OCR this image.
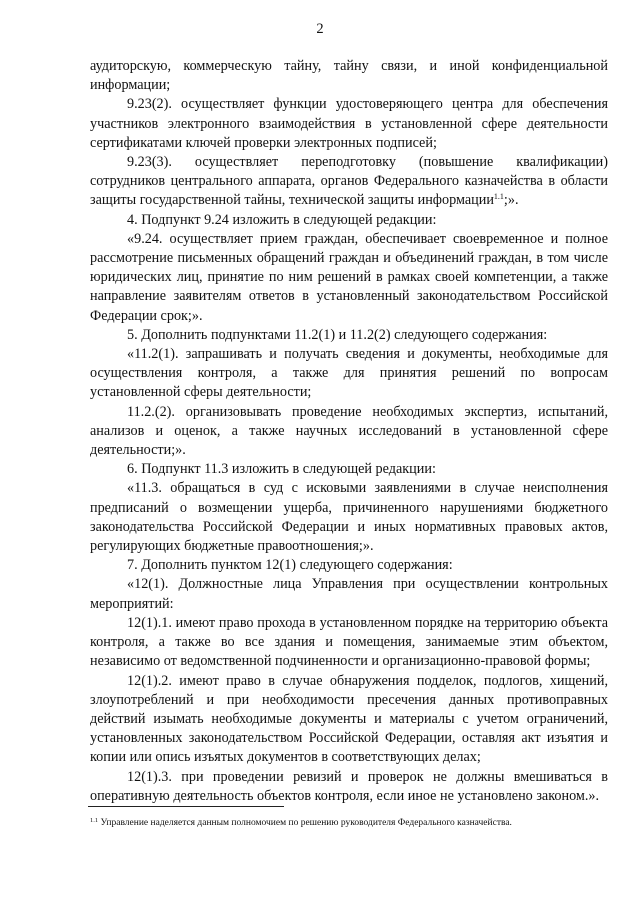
2

аудиторскую, коммерческую тайну, тайну связи, и иной конфиденциальной информации;

9.23(2). осуществляет функции удостоверяющего центра для обеспечения участников электронного взаимодействия в установленной сфере деятельности сертификатами ключей проверки электронных подписей;

9.23(3). осуществляет переподготовку (повышение квалификации) сотрудников центрального аппарата, органов Федерального казначейства в области защиты государственной тайны, технической защиты информации$^{1.1}$;».

4. Подпункт 9.24 изложить в следующей редакции:

«9.24. осуществляет прием граждан, обеспечивает своевременное и полное рассмотрение письменных обращений граждан и объединений граждан, в том числе юридических лиц, принятие по ним решений в рамках своей компетенции, а также направление заявителям ответов в установленный законодательством Российской Федерации срок;».

5. Дополнить подпунктами 11.2(1) и 11.2(2) следующего содержания:

«11.2(1). запрашивать и получать сведения и документы, необходимые для осуществления контроля, а также для принятия решений по вопросам установленной сферы деятельности;

11.2.(2). организовывать проведение необходимых экспертиз, испытаний, анализов и оценок, а также научных исследований в установленной сфере деятельности;».

6. Подпункт 11.3 изложить в следующей редакции:

«11.3. обращаться в суд с исковыми заявлениями в случае неисполнения предписаний о возмещении ущерба, причиненного нарушениями бюджетного законодательства Российской Федерации и иных нормативных правовых актов, регулирующих бюджетные правоотношения;».

7. Дополнить пунктом 12(1) следующего содержания:

«12(1). Должностные лица Управления при осуществлении контрольных мероприятий:

12(1).1. имеют право прохода в установленном порядке на территорию объекта контроля, а также во все здания и помещения, занимаемые этим объектом, независимо от ведомственной подчиненности и организационно-правовой формы;

12(1).2. имеют право в случае обнаружения подделок, подлогов, хищений, злоупотреблений и при необходимости пресечения данных противоправных действий изымать необходимые документы и материалы с учетом ограничений, установленных законодательством Российской Федерации, оставляя акт изъятия и копии или опись изъятых документов в соответствующих делах;

12(1).3. при проведении ревизий и проверок не должны вмешиваться в оперативную деятельность объектов контроля, если иное не установлено законом.».

$^{1.1}$ Управление наделяется данным полномочием по решению руководителя Федерального казначейства.
